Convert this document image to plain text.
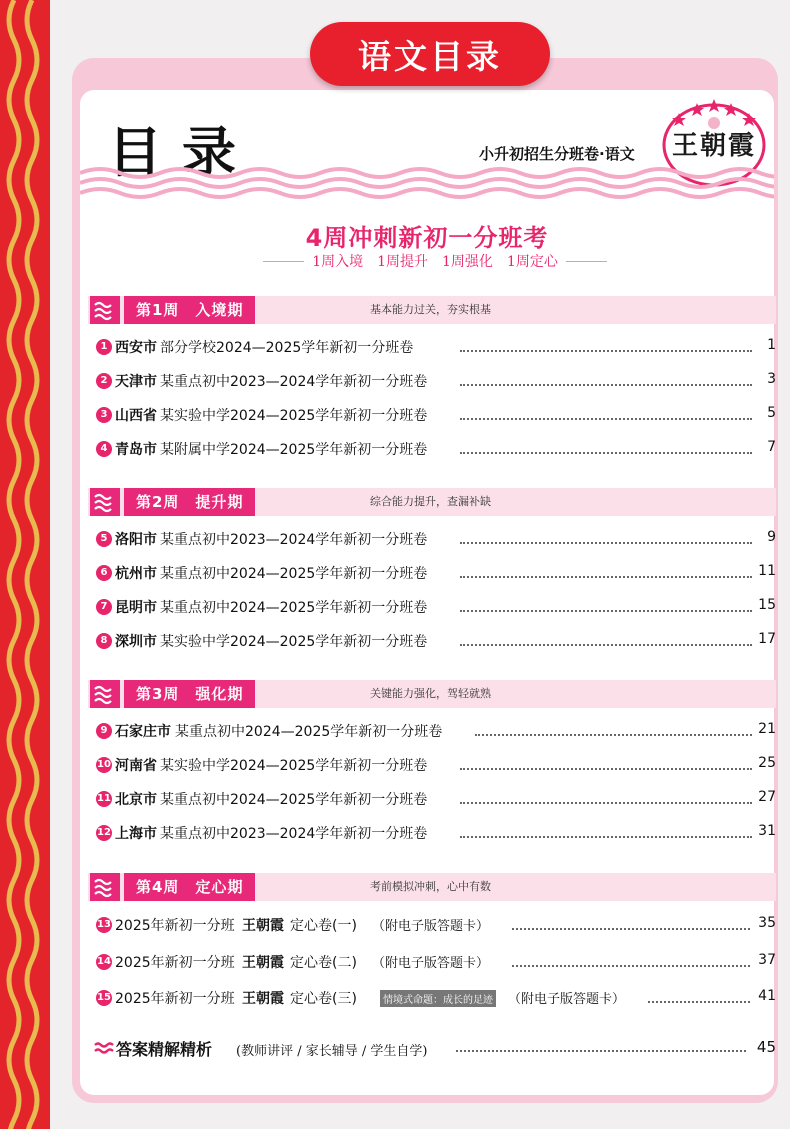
语文目录
目录	小升初招生分班卷·语文	王朝霞
4周冲刺新初一分班考
1周入境　1周提升　1周强化　1周定心
第1周　入境期	基本能力过关，夯实根基
第2周　提升期	综合能力提升，查漏补缺
第3周　强化期	关键能力强化，驾轻就熟
第4周　定心期	考前模拟冲刺，心中有数
1 西安市 部分学校2024—2025学年新初一分班卷	1
2 天津市 某重点初中2023—2024学年新初一分班卷	3
3 山西省 某实验中学2024—2025学年新初一分班卷	5
4 青岛市 某附属中学2024—2025学年新初一分班卷	7
5 洛阳市 某重点初中2023—2024学年新初一分班卷	9
6 杭州市 某重点初中2024—2025学年新初一分班卷	11
7 昆明市 某重点初中2024—2025学年新初一分班卷	15
8 深圳市 某实验中学2024—2025学年新初一分班卷	17
9 石家庄市 某重点初中2024—2025学年新初一分班卷	21
10 河南省 某实验中学2024—2025学年新初一分班卷	25
11 北京市 某重点初中2024—2025学年新初一分班卷	27
12 上海市 某重点初中2023—2024学年新初一分班卷	31
13 2025年新初一分班 王朝霞 定心卷(一) （附电子版答题卡）	35
14 2025年新初一分班 王朝霞 定心卷(二) （附电子版答题卡）	37
15 2025年新初一分班 王朝霞 定心卷(三)	情境式命题：成长的足迹 （附电子版答题卡）	41
答案精解精析 (教师讲评 / 家长辅导 / 学生自学)	45
